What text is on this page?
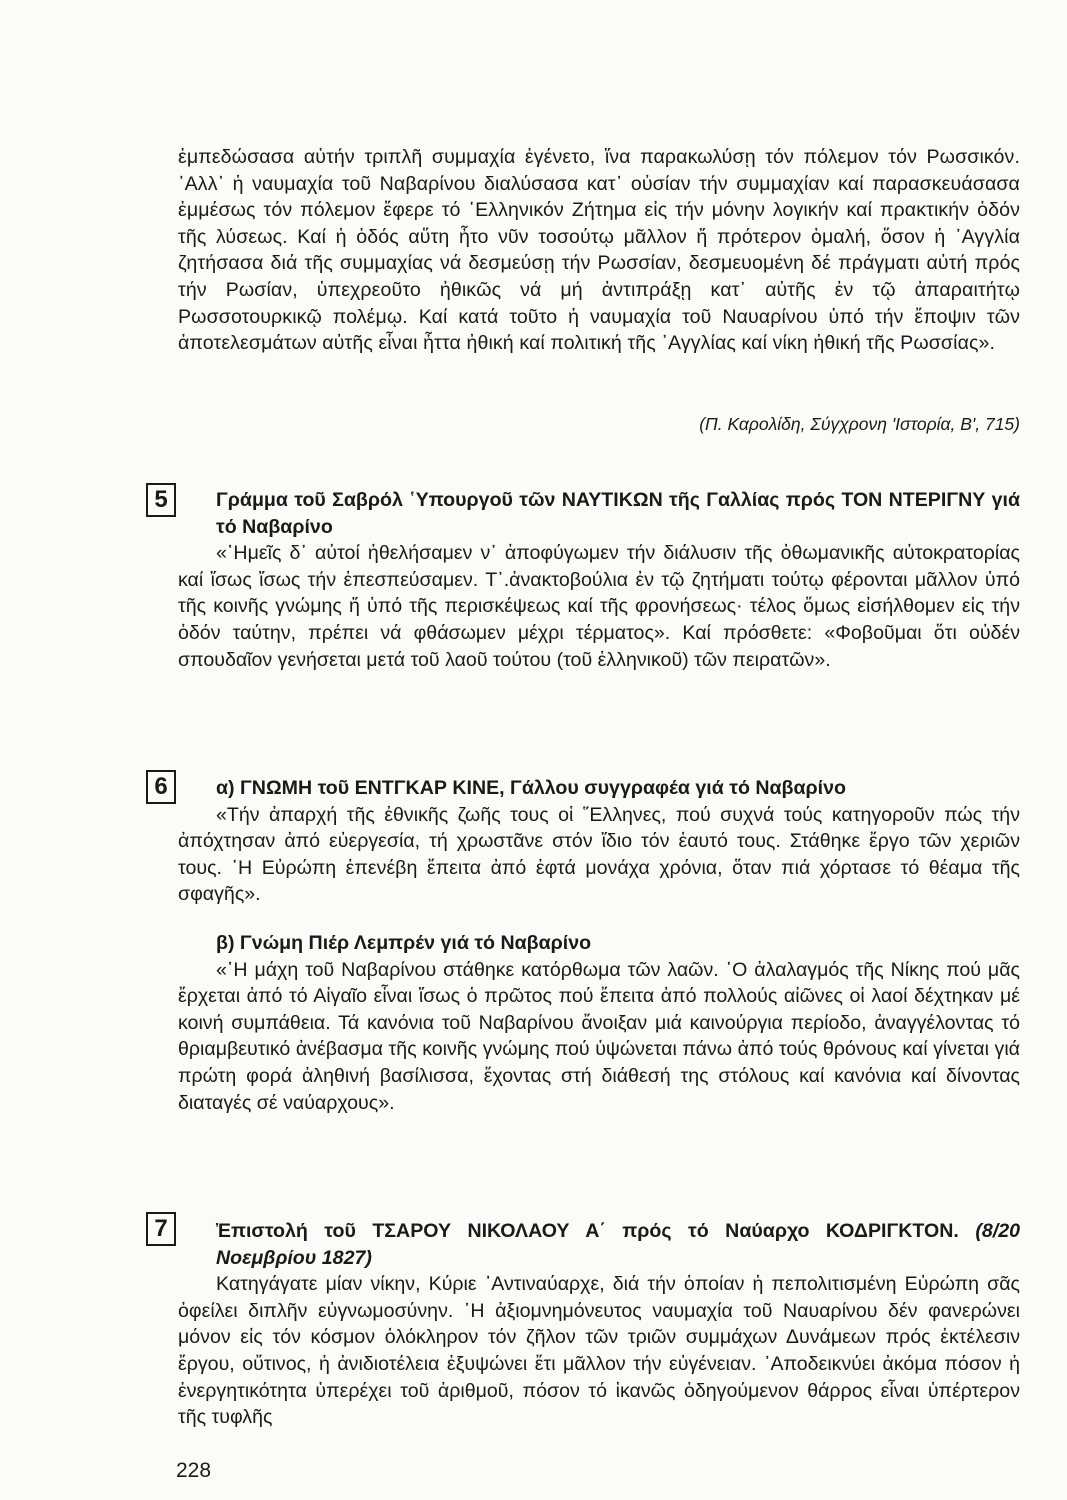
ἐμπεδώσασα αὐτήν τριπλῆ συμμαχία ἐγένετο, ἵνα παρακωλύσῃ τόν πόλεμον τόν Ρωσσικόν. ᾿Αλλ᾿ ἡ ναυμαχία τοῦ Ναβαρίνου διαλύσασα κατ᾿ οὐσίαν τήν συμμαχίαν καί παρασκευάσασα ἐμμέσως τόν πόλεμον ἔφερε τό ῾Ελληνικόν Ζήτημα εἰς τήν μόνην λογικήν καί πρακτικήν ὁδόν τῆς λύσεως. Καί ἡ ὁδός αὕτη ἦτο νῦν τοσούτῳ μᾶλλον ἤ πρότερον ὁμαλή, ὅσον ἡ ᾿Αγγλία ζητήσασα διά τῆς συμμαχίας νά δεσμεύσῃ τήν Ρωσσίαν, δεσμευομένη δέ πράγματι αὐτή πρός τήν Ρωσίαν, ὑπεχρεοῦτο ἠθικῶς νά μή ἀντιπράξῃ κατ᾿ αὐτῆς ἐν τῷ ἀπαραιτήτῳ Ρωσσοτουρκικῷ πολέμῳ. Καί κατά τοῦτο ἡ ναυμαχία τοῦ Ναυαρίνου ὑπό τήν ἔποψιν τῶν ἀποτελεσμάτων αὐτῆς εἶναι ἧττα ἠθική καί πολιτική τῆς ᾿Αγγλίας καί νίκη ἠθική τῆς Ρωσσίας».

(Π. Καρολίδη, Σύγχρονη 'Ιστορία, Β', 715)
5	Γράμμα τοῦ Σαβρόλ ῾Υπουργοῦ τῶν ΝΑΥΤΙΚΩΝ τῆς Γαλλίας πρός ΤΟΝ ΝΤΕΡΙΓΝΥ γιά τό Ναβαρίνο

«῾Ημεῖς δ᾿ αὐτοί ἠθελήσαμεν ν᾿ ἀποφύγωμεν τήν διάλυσιν τῆς ὀθωμανικῆς αὐτοκρατορίας καί ἴσως ἴσως τήν ἐπεσπεύσαμεν. Τ᾿.ἀνακτοβούλια ἐν τῷ ζητήματι τούτῳ φέρονται μᾶλλον ὑπό τῆς κοινῆς γνώμης ἤ ὑπό τῆς περισκέψεως καί τῆς φρονήσεως· τέλος ὅμως εἰσήλθομεν εἰς τήν ὁδόν ταύτην, πρέπει νά φθάσωμεν μέχρι τέρματος». Καί πρόσθετε: «Φοβοῦμαι ὅτι οὐδέν σπουδαῖον γενήσεται μετά τοῦ λαοῦ τούτου (τοῦ ἑλληνικοῦ) τῶν πειρατῶν».

6	α) ΓΝΩΜΗ τοῦ ΕΝΤΓΚΑΡ ΚΙΝΕ, Γάλλου συγγραφέα γιά τό Ναβαρίνο

«Τήν ἀπαρχή τῆς ἐθνικῆς ζωῆς τους οἱ ῞Ελληνες, πού συχνά τούς κατηγοροῦν πώς τήν ἀπόχτησαν ἀπό εὐεργεσία, τή χρωστᾶνε στόν ἴδιο τόν ἑαυτό τους. Στάθηκε ἔργο τῶν χεριῶν τους. ῾Η Εὐρώπη ἐπενέβη ἔπειτα ἀπό ἑφτά μονάχα χρόνια, ὅταν πιά χόρτασε τό θέαμα τῆς σφαγῆς».

β) Γνώμη Πιέρ Λεμπρέν γιά τό Ναβαρίνο

«῾Η μάχη τοῦ Ναβαρίνου στάθηκε κατόρθωμα τῶν λαῶν. ῾Ο ἀλαλαγμός τῆς Νίκης πού μᾶς ἔρχεται ἀπό τό Αἰγαῖο εἶναι ἴσως ὁ πρῶτος πού ἔπειτα ἀπό πολλούς αἰῶνες οἱ λαοί δέχτηκαν μέ κοινή συμπάθεια. Τά κανόνια τοῦ Ναβαρίνου ἄνοιξαν μιά καινούργια περίοδο, ἀναγγέλοντας τό θριαμβευτικό ἀνέβασμα τῆς κοινῆς γνώμης πού ὑψώνεται πάνω ἀπό τούς θρόνους καί γίνεται γιά πρώτη φορά ἀληθινή βασίλισσα, ἔχοντας στή διάθεσή της στόλους καί κανόνια καί δίνοντας διαταγές σέ ναύαρχους».

7	Ἐπιστολή τοῦ ΤΣΑΡΟΥ ΝΙΚΟΛΑΟΥ Α΄ πρός τό Ναύαρχο ΚΟΔΡΙΓΚΤΟΝ. (8/20 Νοεμβρίου 1827)

Κατηγάγατε μίαν νίκην, Κύριε ᾿Αντιναύαρχε, διά τήν ὁποίαν ἡ πεπολιτισμένη Εὐρώπη σᾶς ὀφείλει διπλῆν εὐγνωμοσύνην. ῾Η ἀξιομνημόνευτος ναυμαχία τοῦ Ναυαρίνου δέν φανερώνει μόνον εἰς τόν κόσμον ὁλόκληρον τόν ζῆλον τῶν τριῶν συμμάχων Δυνάμεων πρός ἐκτέλεσιν ἔργου, οὔτινος, ἡ ἀνιδιοτέλεια ἐξυψώνει ἔτι μᾶλλον τήν εὐγένειαν. ᾿Αποδεικνύει ἀκόμα πόσον ἡ ἐνεργητικότητα ὑπερέχει τοῦ ἀριθμοῦ, πόσον τό ἱκανῶς ὁδηγούμενον θάρρος εἶναι ὑπέρτερον τῆς τυφλῆς

228
